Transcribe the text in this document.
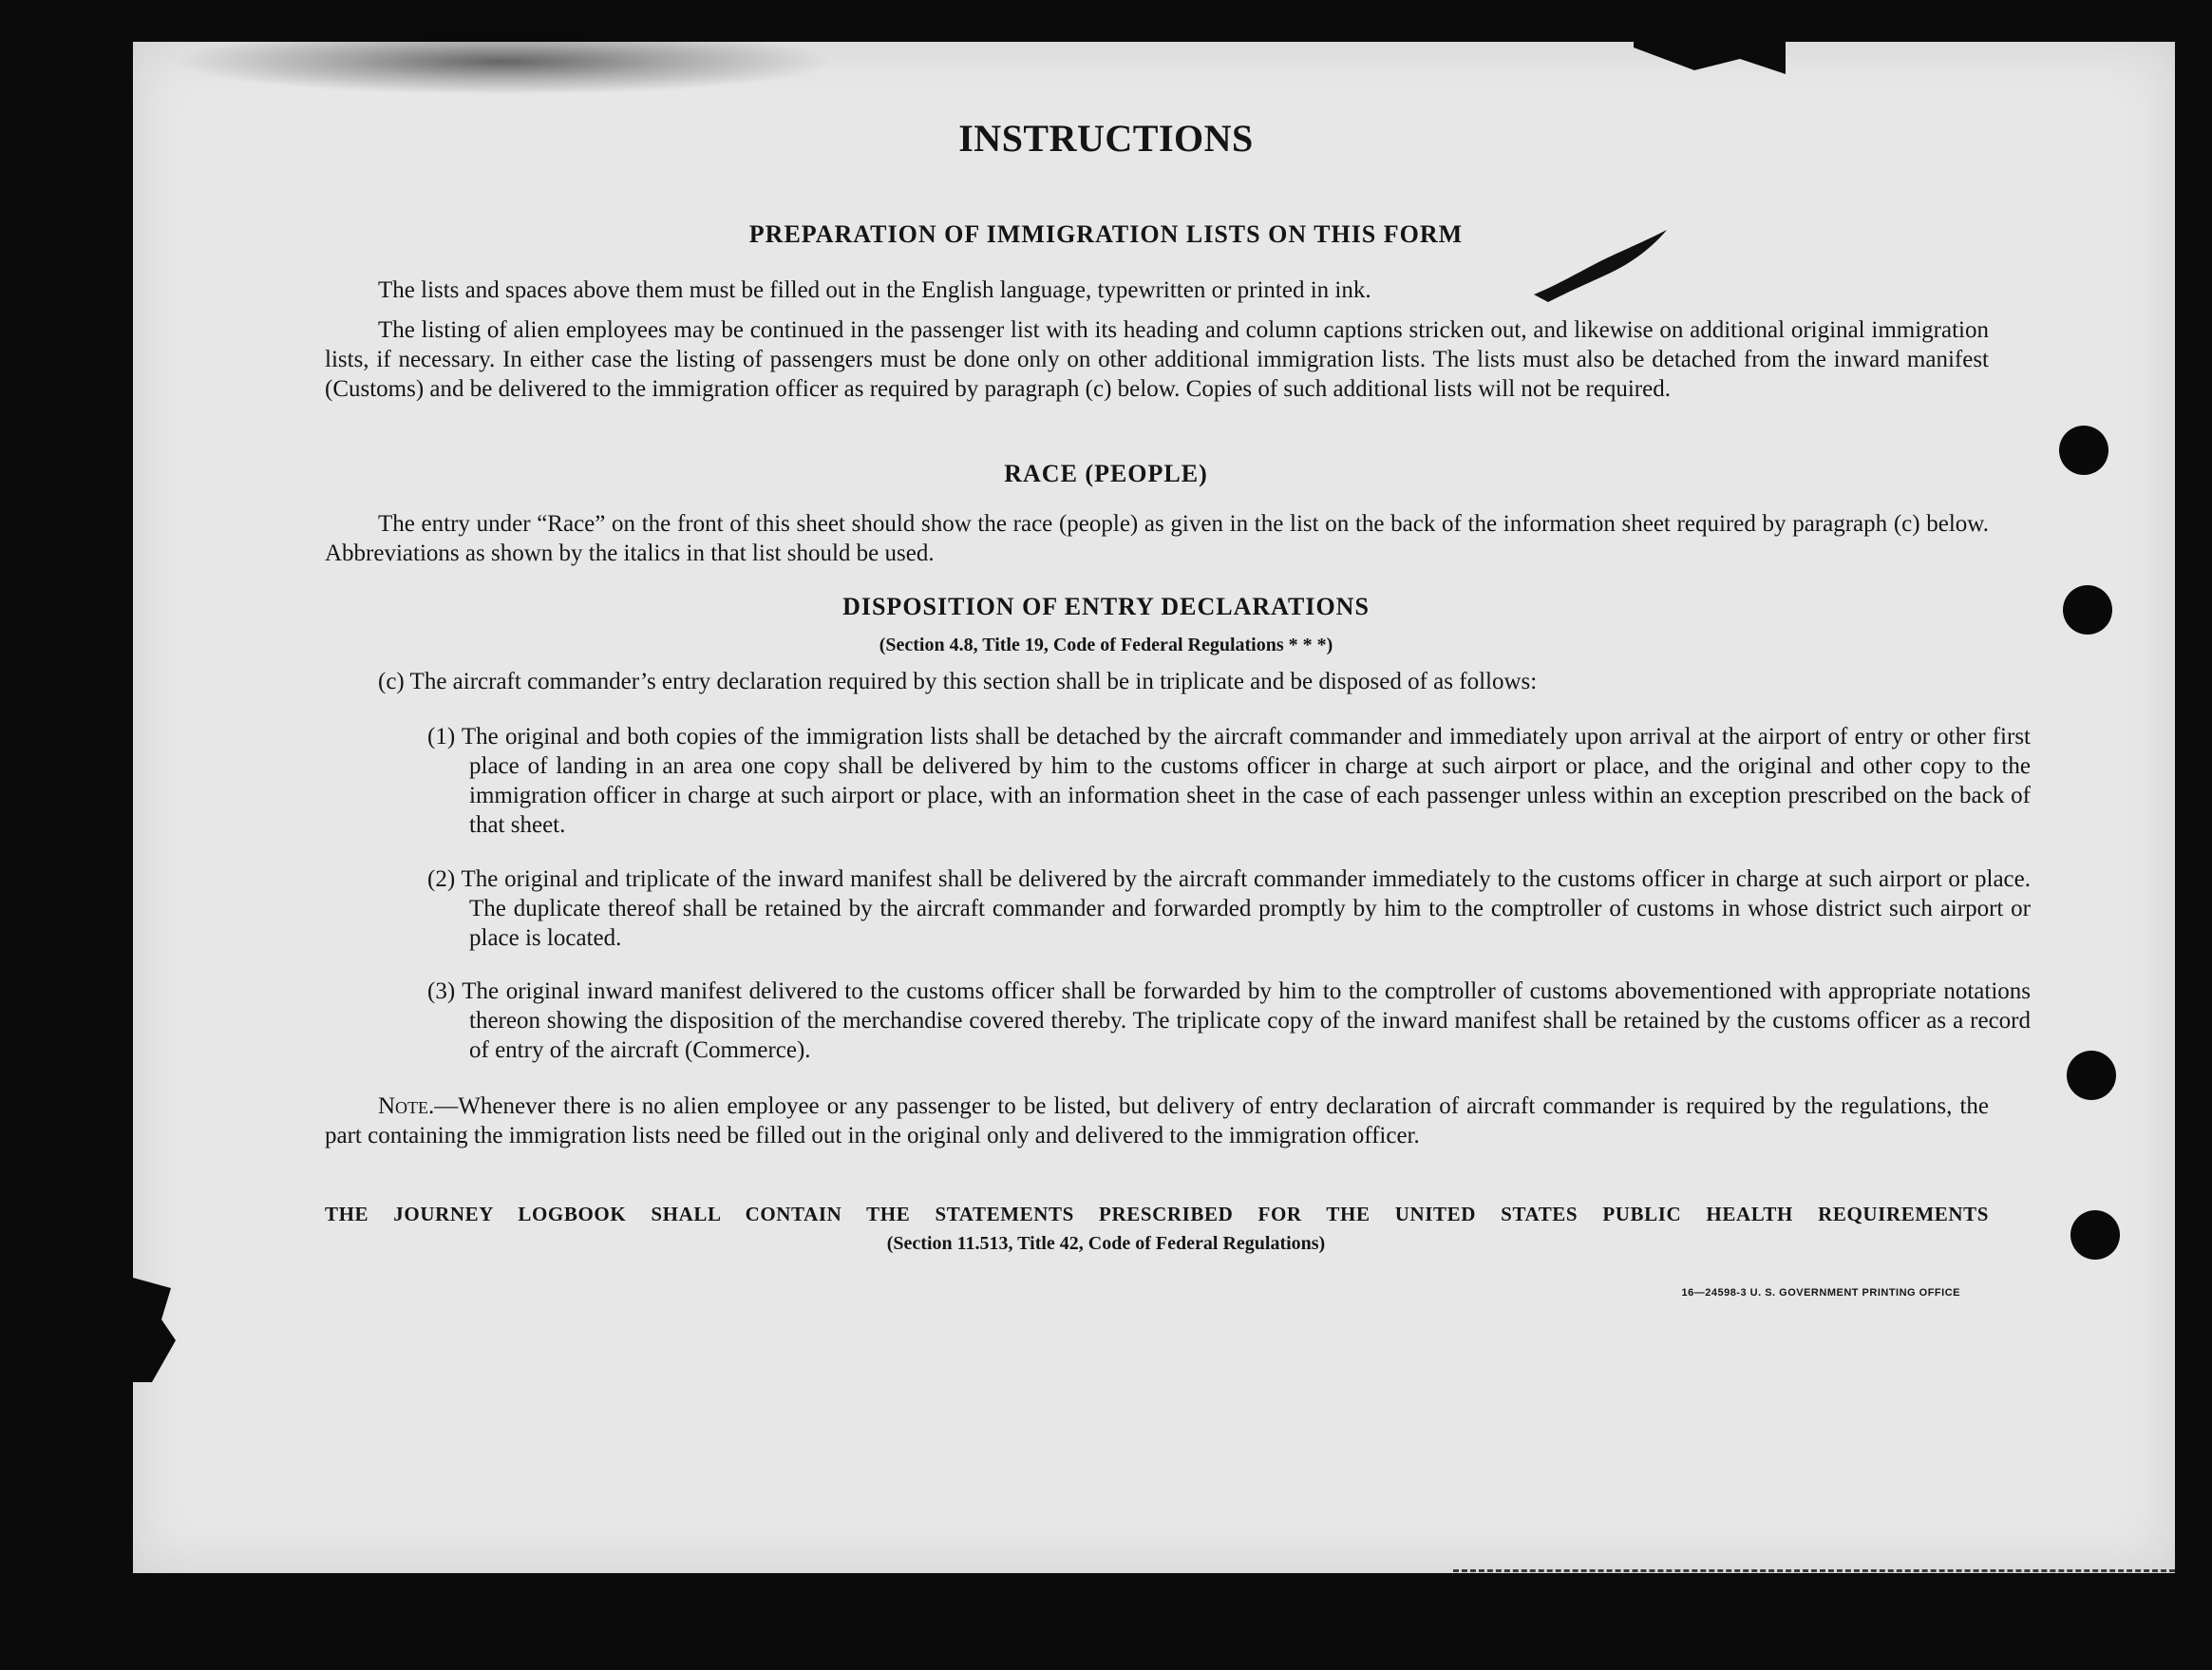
INSTRUCTIONS
PREPARATION OF IMMIGRATION LISTS ON THIS FORM
The lists and spaces above them must be filled out in the English language, typewritten or printed in ink.
The listing of alien employees may be continued in the passenger list with its heading and column captions stricken out, and likewise on additional original immigration lists, if necessary. In either case the listing of passengers must be done only on other additional immigration lists. The lists must also be detached from the inward manifest (Customs) and be delivered to the immigration officer as required by paragraph (c) below. Copies of such additional lists will not be required.
RACE (PEOPLE)
The entry under “Race” on the front of this sheet should show the race (people) as given in the list on the back of the information sheet required by paragraph (c) below. Abbreviations as shown by the italics in that list should be used.
DISPOSITION OF ENTRY DECLARATIONS
(Section 4.8, Title 19, Code of Federal Regulations * * *)
(c) The aircraft commander’s entry declaration required by this section shall be in triplicate and be disposed of as follows:
(1) The original and both copies of the immigration lists shall be detached by the aircraft commander and immediately upon arrival at the airport of entry or other first place of landing in an area one copy shall be delivered by him to the customs officer in charge at such airport or place, and the original and other copy to the immigration officer in charge at such airport or place, with an information sheet in the case of each passenger unless within an exception prescribed on the back of that sheet.
(2) The original and triplicate of the inward manifest shall be delivered by the aircraft commander immediately to the customs officer in charge at such airport or place. The duplicate thereof shall be retained by the aircraft commander and forwarded promptly by him to the comptroller of customs in whose district such airport or place is located.
(3) The original inward manifest delivered to the customs officer shall be forwarded by him to the comptroller of customs abovementioned with appropriate notations thereon showing the disposition of the merchandise covered thereby. The triplicate copy of the inward manifest shall be retained by the customs officer as a record of entry of the aircraft (Commerce).
Note.—Whenever there is no alien employee or any passenger to be listed, but delivery of entry declaration of aircraft commander is required by the regulations, the part containing the immigration lists need be filled out in the original only and delivered to the immigration officer.
THE JOURNEY LOGBOOK SHALL CONTAIN THE STATEMENTS PRESCRIBED FOR THE UNITED STATES PUBLIC HEALTH REQUIREMENTS
(Section 11.513, Title 42, Code of Federal Regulations)
16—24598-3 U. S. GOVERNMENT PRINTING OFFICE
